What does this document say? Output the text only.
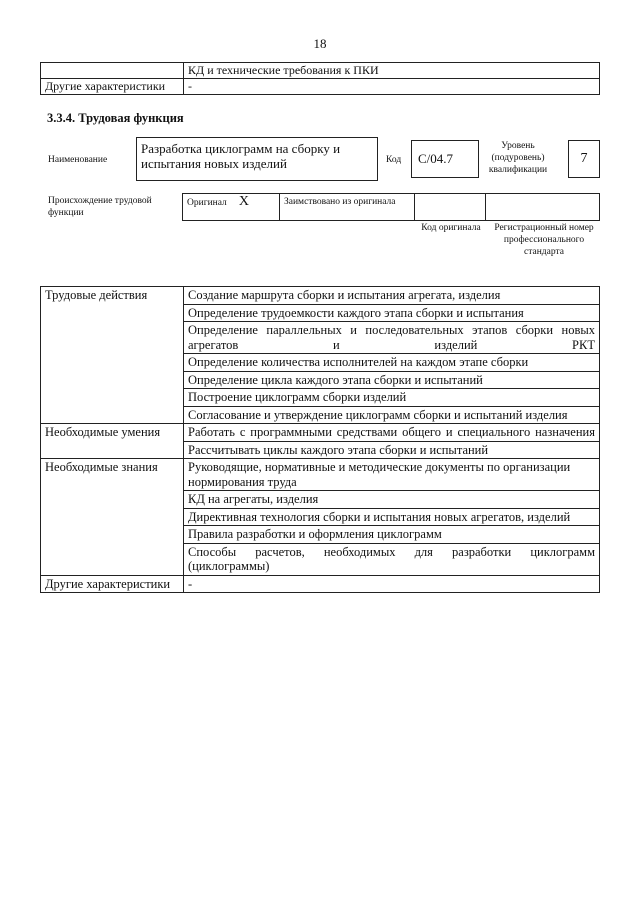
18
	КД и технические требования к ПКИ
Другие характеристики	-
3.3.4. Трудовая функция
Наименование
Разработка циклограмм на сборку и испытания новых изделий	Код	C/04.7
Уровень (подуровень) квалификации
7
Происхождение трудовой функции
Оригинал X	Заимствовано из оригинала		
Код оригинала	Регистрационный номер профессионального стандарта
Трудовые действия	Создание маршрута сборки и испытания агрегата, изделия
	Определение трудоемкости каждого этапа сборки и испытания
	Определение параллельных и последовательных этапов сборки новых агрегатов и изделий РКТ
	Определение количества исполнителей на каждом этапе сборки
	Определение цикла каждого этапа сборки и испытаний
	Построение циклограмм сборки изделий
	Согласование и утверждение циклограмм сборки и испытаний изделия
Необходимые умения	Работать с программными средствами общего и специального назначения
	Рассчитывать циклы каждого этапа сборки и испытаний
Необходимые знания	Руководящие, нормативные и методические документы по организации нормирования труда
	КД на агрегаты, изделия
	Директивная технология сборки и испытания новых агрегатов, изделий
	Правила разработки и оформления циклограмм
	Способы расчетов, необходимых для разработки циклограмм (циклограммы)
Другие характеристики	-
